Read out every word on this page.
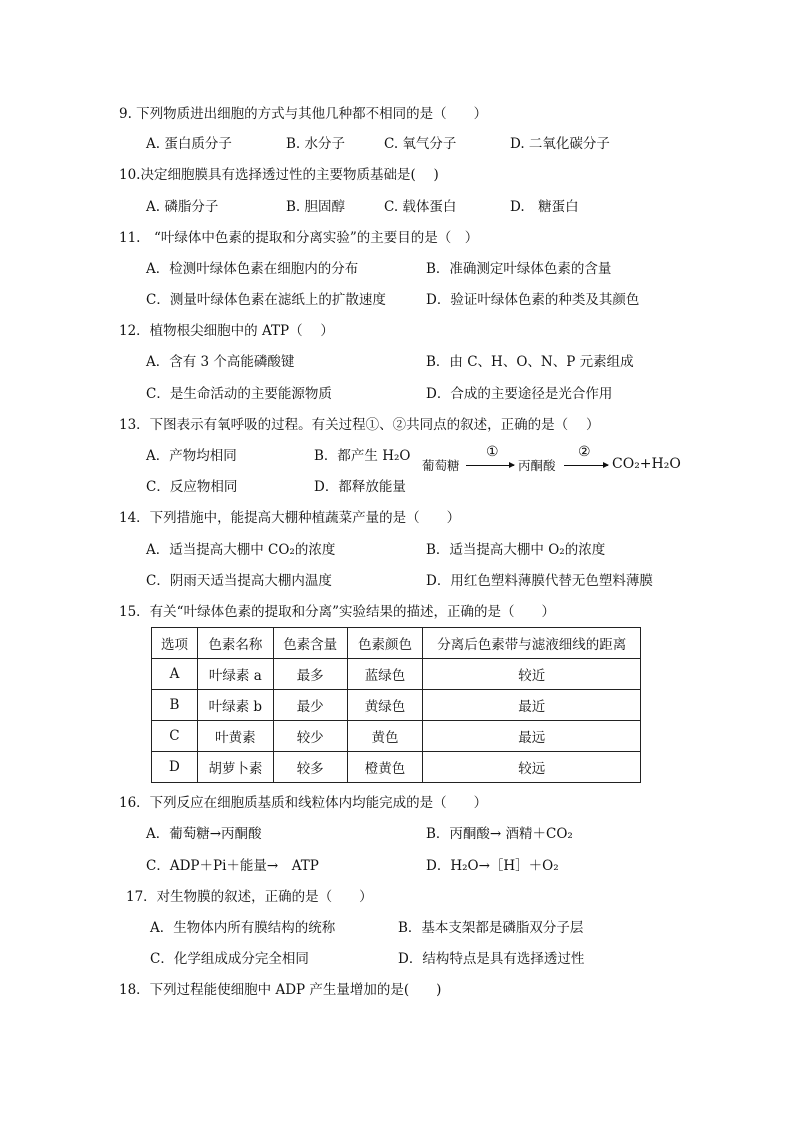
9. 下列物质进出细胞的方式与其他几种都不相同的是（　　）
A. 蛋白质分子	B. 水分子	C. 氧气分子	D. 二氧化碳分子
10.决定细胞膜具有选择透过性的主要物质基础是(　 )
A. 磷脂分子	B. 胆固醇	C. 载体蛋白	D.　糖蛋白
11.　“叶绿体中色素的提取和分离实验”的主要目的是（　）
A．检测叶绿体色素在细胞内的分布	B．准确测定叶绿体色素的含量
C．测量叶绿体色素在滤纸上的扩散速度	D．验证叶绿体色素的种类及其颜色
12．植物根尖细胞中的 ATP（　 ）
A．含有 3 个高能磷酸键	B．由 C、H、O、N、P 元素组成
C．是生命活动的主要能源物质	D．合成的主要途径是光合作用
13．下图表示有氧呼吸的过程。有关过程①、②共同点的叙述，正确的是（　 ）
A．产物均相同	B．都产生 H₂O
C．反应物相同	D．都释放能量
葡萄糖
①
丙酮酸
②
CO₂+H₂O
14．下列措施中，能提高大棚种植蔬菜产量的是（　　）
A．适当提高大棚中 CO₂的浓度	B．适当提高大棚中 O₂的浓度
C．阴雨天适当提高大棚内温度	D．用红色塑料薄膜代替无色塑料薄膜
15．有关“叶绿体色素的提取和分离”实验结果的描述，正确的是（　　）
选项	色素名称	色素含量	色素颜色	分离后色素带与滤液细线的距离
A	叶绿素 a	最多	蓝绿色	较近
B	叶绿素 b	最少	黄绿色	最近
C	叶黄素	较少	黄色	最远
D	胡萝卜素	较多	橙黄色	较远
16．下列反应在细胞质基质和线粒体内均能完成的是（　　）
A．葡萄糖→丙酮酸	B．丙酮酸→ 酒精＋CO₂
C．ADP＋Pi＋能量→　ATP	D．H₂O→［H］＋O₂
17．对生物膜的叙述，正确的是（　　）
A．生物体内所有膜结构的统称	B．基本支架都是磷脂双分子层
C．化学组成成分完全相同	D．结构特点是具有选择透过性
18．下列过程能使细胞中 ADP 产生量增加的是(　　)
